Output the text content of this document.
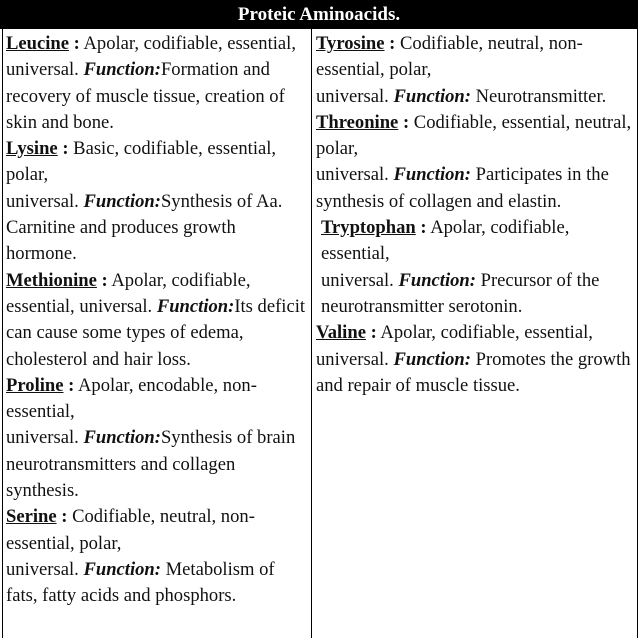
Proteic Aminoacids.
Leucine : Apolar, codifiable, essential,
universal. Function:Formation and recovery of muscle tissue, creation of skin and bone.
Lysine : Basic, codifiable, essential, polar,
universal. Function:Synthesis of Aa. Carnitine and produces growth hormone.
Methionine : Apolar, codifiable, essential, universal. Function:Its deficit can cause some types of edema, cholesterol and hair loss.
Proline : Apolar, encodable, non-essential,
universal. Function:Synthesis of brain neurotransmitters and collagen synthesis.
Serine : Codifiable, neutral, non-essential, polar,
universal. Function: Metabolism of fats, fatty acids and phosphors.
Tyrosine : Codifiable, neutral, non-essential, polar,
universal. Function: Neurotransmitter.
Threonine : Codifiable, essential, neutral, polar,
universal. Function: Participates in the synthesis of collagen and elastin.
Tryptophan : Apolar, codifiable, essential,
universal. Function: Precursor of the neurotransmitter serotonin.
Valine : Apolar, codifiable, essential, universal. Function: Promotes the growth and repair of muscle tissue.
